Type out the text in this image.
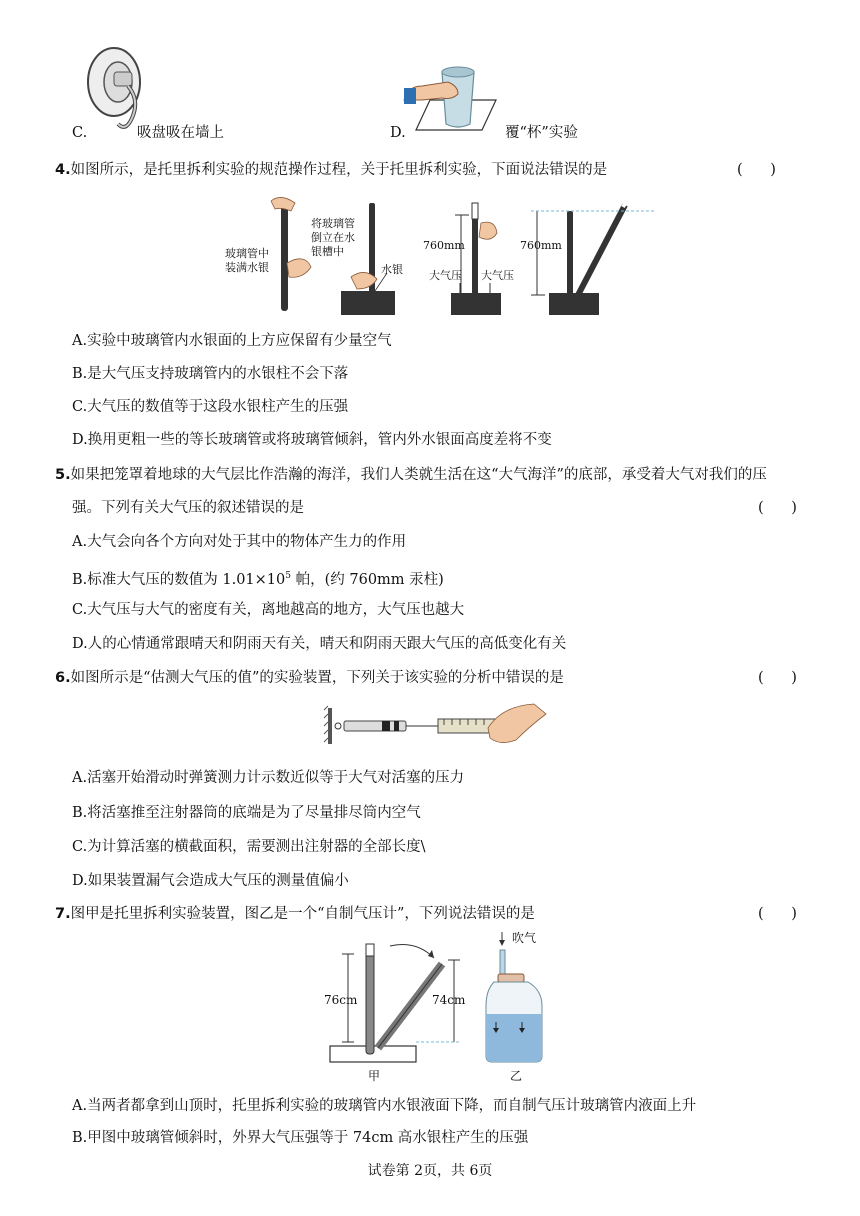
C.	吸盘吸在墙上	D.	覆“杯”实验
4.如图所示，是托里拆利实验的规范操作过程，关于托里拆利实验，下面说法错误的是	(      )
玻璃管中装满水银
将玻璃管倒立在水银槽中
水银
760mm
大气压 大气压
760mm
A.实验中玻璃管内水银面的上方应保留有少量空气
B.是大气压支持玻璃管内的水银柱不会下落
C.大气压的数值等于这段水银柱产生的压强
D.换用更粗一些的等长玻璃管或将玻璃管倾斜，管内外水银面高度差将不变
5.如果把笼罩着地球的大气层比作浩瀚的海洋，我们人类就生活在这“大气海洋”的底部，承受着大气对我们的压
强。下列有关大气压的叙述错误的是	(      )
A.大气会向各个方向对处于其中的物体产生力的作用
B.标准大气压的数值为 $1.01\times 10^5$ 帕，(约 760mm 汞柱)
C.大气压与大气的密度有关，离地越高的地方，大气压也越大
D.人的心情通常跟晴天和阴雨天有关，晴天和阴雨天跟大气压的高低变化有关
6.如图所示是“估测大气压的值”的实验装置，下列关于该实验的分析中错误的是	(      )
A.活塞开始滑动时弹簧测力计示数近似等于大气对活塞的压力
B.将活塞推至注射器筒的底端是为了尽量排尽筒内空气
C.为计算活塞的横截面积，需要测出注射器的全部长度\
D.如果装置漏气会造成大气压的测量值偏小
7.图甲是托里拆利实验装置，图乙是一个“自制气压计”，下列说法错误的是	(      )
76cm	74cm
甲
吹气
乙
A.当两者都拿到山顶时，托里拆利实验的玻璃管内水银液面下降，而自制气压计玻璃管内液面上升
B.甲图中玻璃管倾斜时，外界大气压强等于 74cm 高水银柱产生的压强
试卷第 2页，共 6页
